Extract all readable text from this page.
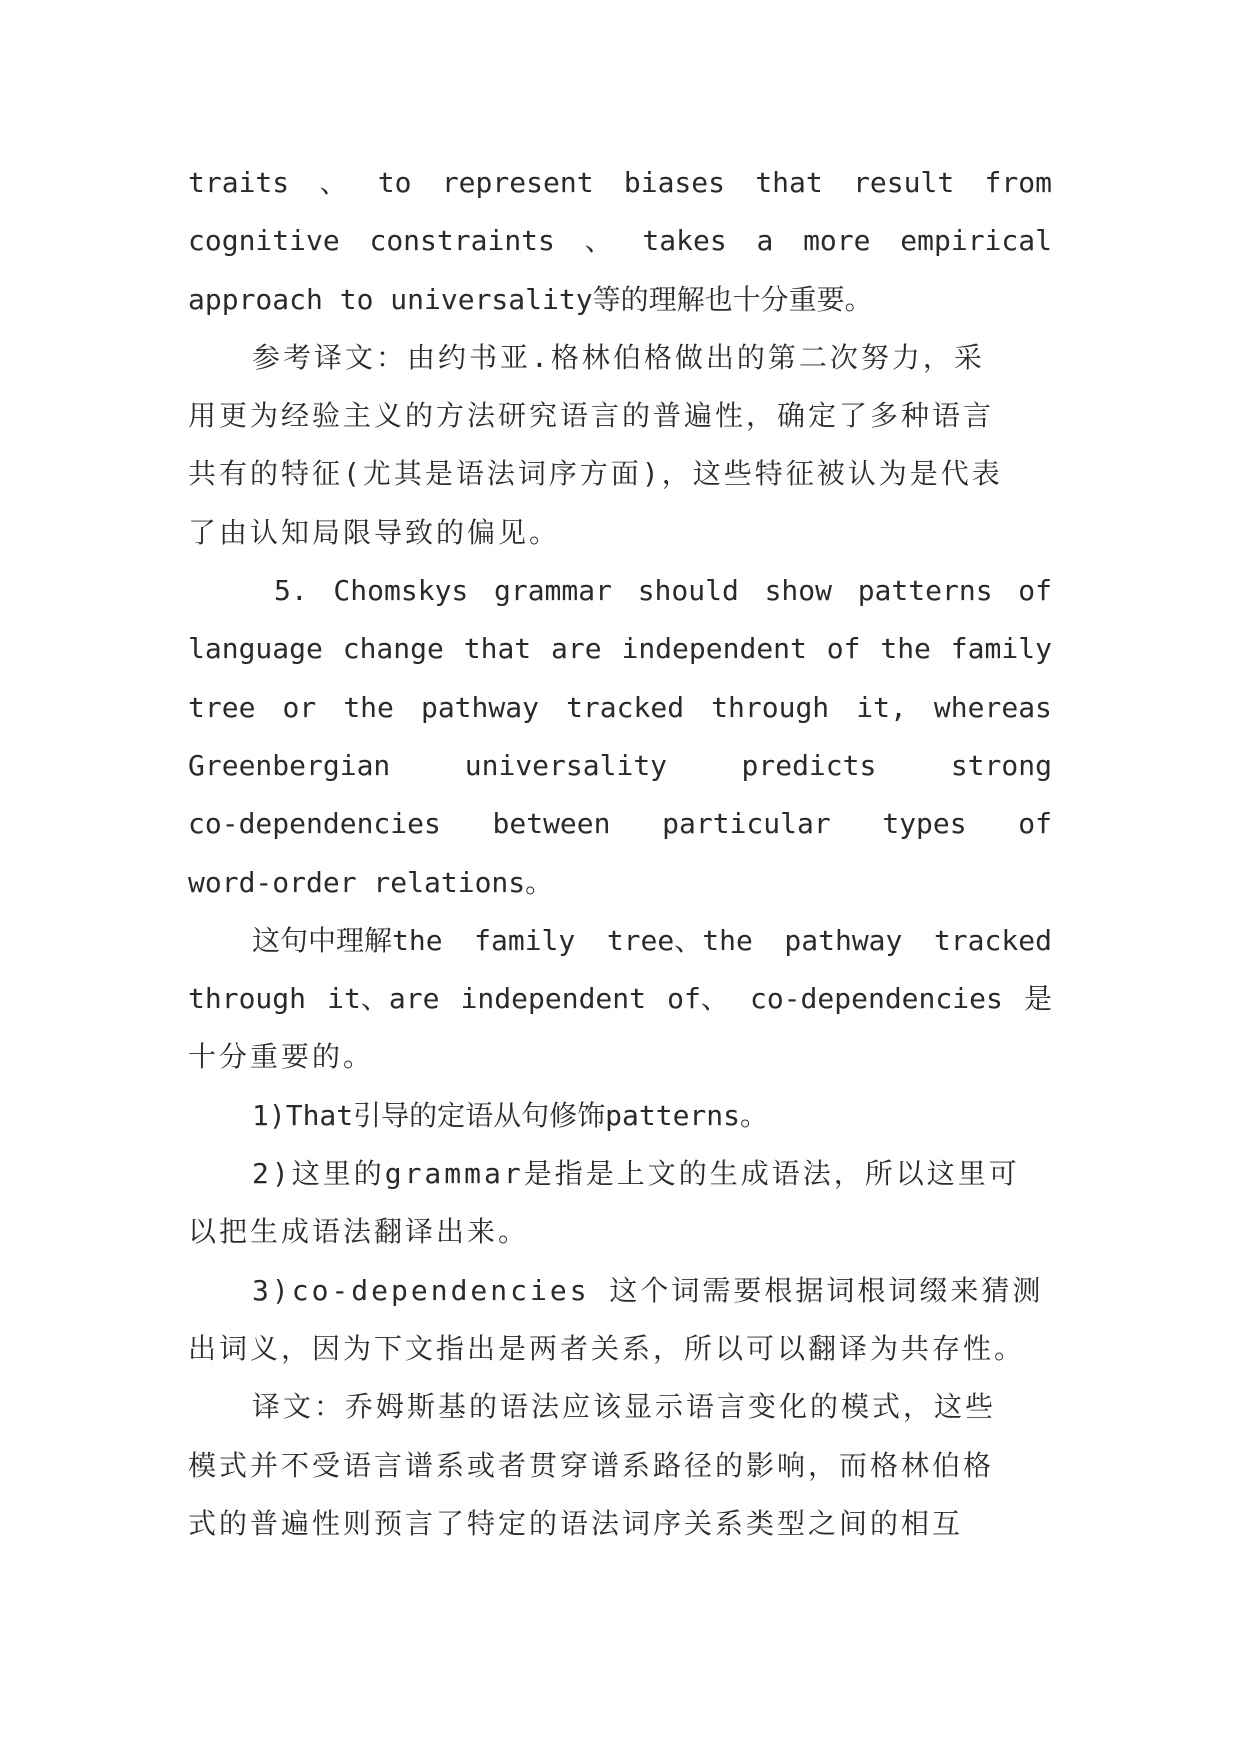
traits 、 to represent biases that result from
cognitive constraints 、 takes a more empirical
approach to universality等的理解也十分重要。
参考译文：由约书亚.格林伯格做出的第二次努力，采
用更为经验主义的方法研究语言的普遍性，确定了多种语言
共有的特征(尤其是语法词序方面)，这些特征被认为是代表
了由认知局限导致的偏见。
5. Chomskys grammar should show patterns of
language change that are independent of the family
tree or the pathway tracked through it, whereas
Greenbergian	universality	predicts	strong
co-dependencies between particular types of
word-order relations。
这句中理解the family tree、the pathway tracked
through it、are independent of、 co-dependencies 是
十分重要的。
1)That引导的定语从句修饰patterns。
2)这里的grammar是指是上文的生成语法，所以这里可
以把生成语法翻译出来。
3)co-dependencies 这个词需要根据词根词缀来猜测
出词义，因为下文指出是两者关系，所以可以翻译为共存性。
译文：乔姆斯基的语法应该显示语言变化的模式，这些
模式并不受语言谱系或者贯穿谱系路径的影响，而格林伯格
式的普遍性则预言了特定的语法词序关系类型之间的相互
